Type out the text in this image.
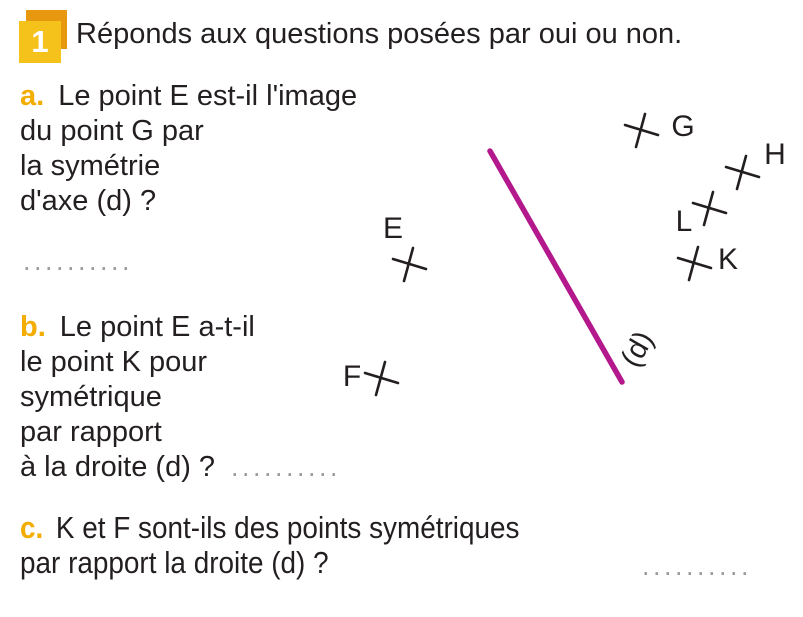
1 Réponds aux questions posées par oui ou non.
a. Le point E est-il l'image
du point G par
la symétrie
d'axe (d) ?
..........
b. Le point E a-t-il
le point K pour
symétrique
par rapport
à la droite (d) ? ..........
c. K et F sont-ils des points symétriques
par rapport la droite (d) ?	..........
(d)
E
F
G
H
L
K
